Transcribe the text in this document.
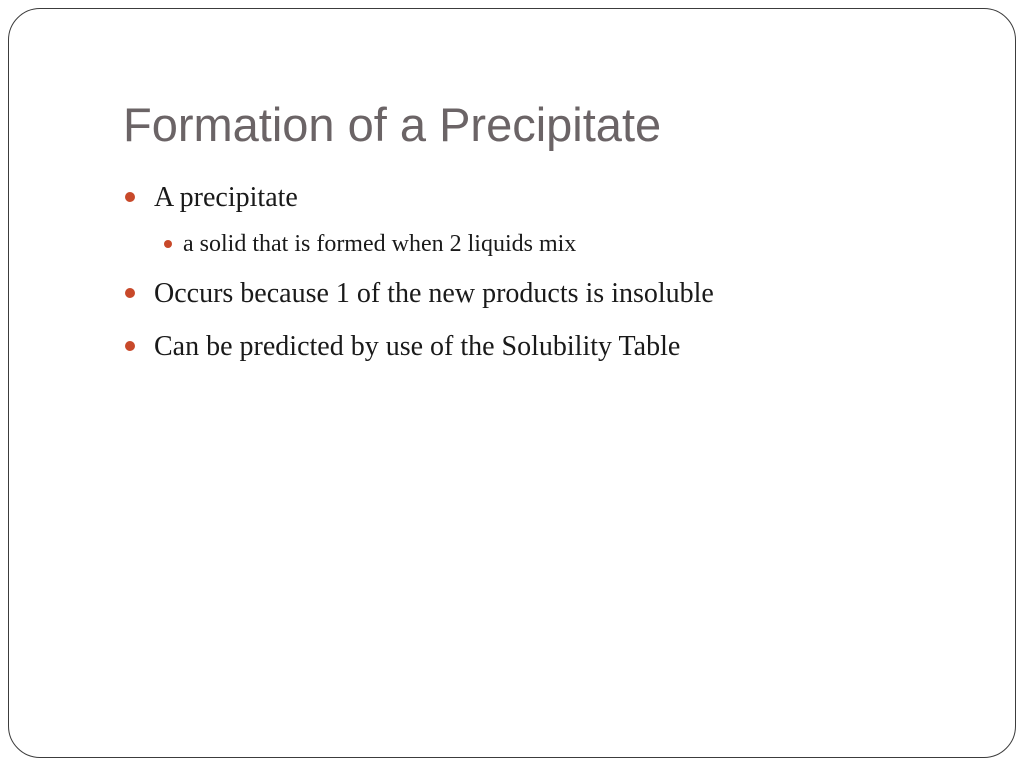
Formation of a Precipitate
A precipitate
a solid that is formed when 2 liquids mix
Occurs because 1 of the new products is insoluble
Can be predicted by use of the Solubility Table
